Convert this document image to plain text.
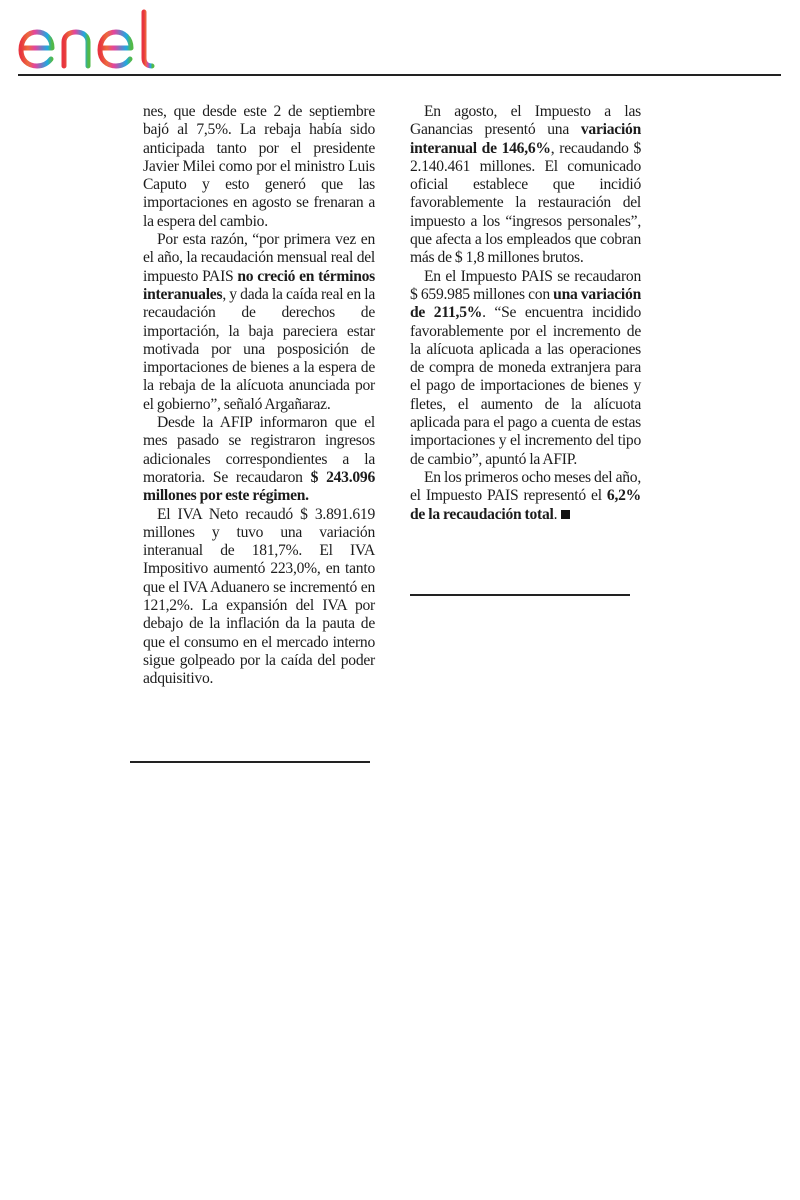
nes, que desde este 2 de septiembre bajó al 7,5%. La rebaja había sido anticipada tanto por el presidente Javier Milei como por el ministro Luis Caputo y esto generó que las importaciones en agosto se frenaran a la espera del cambio.

Por esta razón, “por primera vez en el año, la recaudación mensual real del impuesto PAIS no creció en términos interanuales, y dada la caída real en la recaudación de derechos de importación, la baja pareciera estar motivada por una posposición de importaciones de bienes a la espera de la rebaja de la alícuota anunciada por el gobierno”, señaló Argañaraz.

Desde la AFIP informaron que el mes pasado se registraron ingresos adicionales correspondientes a la moratoria. Se recaudaron $ 243.096 millones por este régimen.

El IVA Neto recaudó $ 3.891.619 millones y tuvo una variación interanual de 181,7%. El IVA Impositivo aumentó 223,0%, en tanto que el IVA Aduanero se incrementó en 121,2%. La expansión del IVA por debajo de la inflación da la pauta de que el consumo en el mercado interno sigue golpeado por la caída del poder adquisitivo.

En agosto, el Impuesto a las Ganancias presentó una variación interanual de 146,6%, recaudando $ 2.140.461 millones. El comunicado oficial establece que incidió favorablemente la restauración del impuesto a los “ingresos personales”, que afecta a los empleados que cobran más de $ 1,8 millones brutos.

En el Impuesto PAIS se recaudaron $ 659.985 millones con una variación de 211,5%. “Se encuentra incidido favorablemente por el incremento de la alícuota aplicada a las operaciones de compra de moneda extranjera para el pago de importaciones de bienes y fletes, el aumento de la alícuota aplicada para el pago a cuenta de estas importaciones y el incremento del tipo de cambio”, apuntó la AFIP.

En los primeros ocho meses del año, el Impuesto PAIS representó el 6,2% de la recaudación total.
